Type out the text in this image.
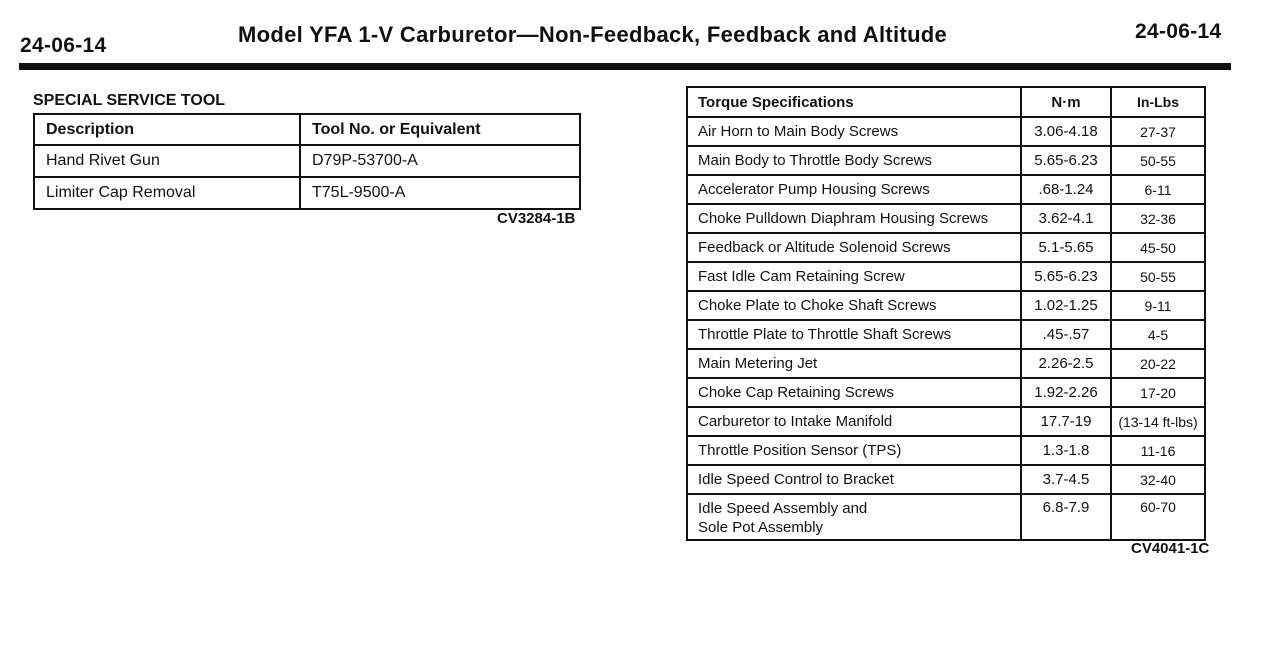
24-06-14	Model YFA 1-V Carburetor—Non-Feedback, Feedback and Altitude	24-06-14
SPECIAL SERVICE TOOL
Description	Tool No. or Equivalent
Hand Rivet Gun	D79P-53700-A
Limiter Cap Removal	T75L-9500-A
CV3284-1B
Torque Specifications	N·m	In-Lbs
Air Horn to Main Body Screws	3.06-4.18	27-37
Main Body to Throttle Body Screws	5.65-6.23	50-55
Accelerator Pump Housing Screws	.68-1.24	6-11
Choke Pulldown Diaphram Housing Screws	3.62-4.1	32-36
Feedback or Altitude Solenoid Screws	5.1-5.65	45-50
Fast Idle Cam Retaining Screw	5.65-6.23	50-55
Choke Plate to Choke Shaft Screws	1.02-1.25	9-11
Throttle Plate to Throttle Shaft Screws	.45-.57	4-5
Main Metering Jet	2.26-2.5	20-22
Choke Cap Retaining Screws	1.92-2.26	17-20
Carburetor to Intake Manifold	17.7-19	(13-14 ft-lbs)
Throttle Position Sensor (TPS)	1.3-1.8	11-16
Idle Speed Control to Bracket	3.7-4.5	32-40

Idle Speed Assembly and
Sole Pot Assembly	6.8-7.9	60-70
CV4041-1C
